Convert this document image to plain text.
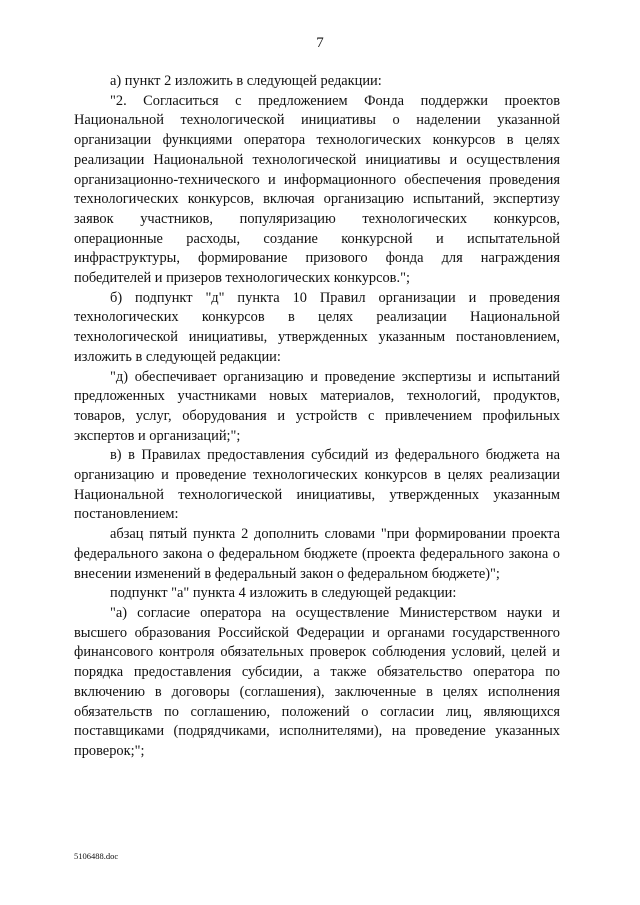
7

а) пункт 2 изложить в следующей редакции:

"2. Согласиться с предложением Фонда поддержки проектов Национальной технологической инициативы о наделении указанной организации функциями оператора технологических конкурсов в целях реализации Национальной технологической инициативы и осуществления организационно-технического и информационного обеспечения проведения технологических конкурсов, включая организацию испытаний, экспертизу заявок участников, популяризацию технологических конкурсов, операционные расходы, создание конкурсной и испытательной инфраструктуры, формирование призового фонда для награждения победителей и призеров технологических конкурсов.";

б) подпункт "д" пункта 10 Правил организации и проведения технологических конкурсов в целях реализации Национальной технологической инициативы, утвержденных указанным постановлением, изложить в следующей редакции:

"д) обеспечивает организацию и проведение экспертизы и испытаний предложенных участниками новых материалов, технологий, продуктов, товаров, услуг, оборудования и устройств с привлечением профильных экспертов и организаций;";

в) в Правилах предоставления субсидий из федерального бюджета на организацию и проведение технологических конкурсов в целях реализации Национальной технологической инициативы, утвержденных указанным постановлением:

абзац пятый пункта 2 дополнить словами "при формировании проекта федерального закона о федеральном бюджете (проекта федерального закона о внесении изменений в федеральный закон о федеральном бюджете)";

подпункт "а" пункта 4 изложить в следующей редакции:

"а) согласие оператора на осуществление Министерством науки и высшего образования Российской Федерации и органами государственного финансового контроля обязательных проверок соблюдения условий, целей и порядка предоставления субсидии, а также обязательство оператора по включению в договоры (соглашения), заключенные в целях исполнения обязательств по соглашению, положений о согласии лиц, являющихся поставщиками (подрядчиками, исполнителями), на проведение указанных проверок;";

5106488.doc
